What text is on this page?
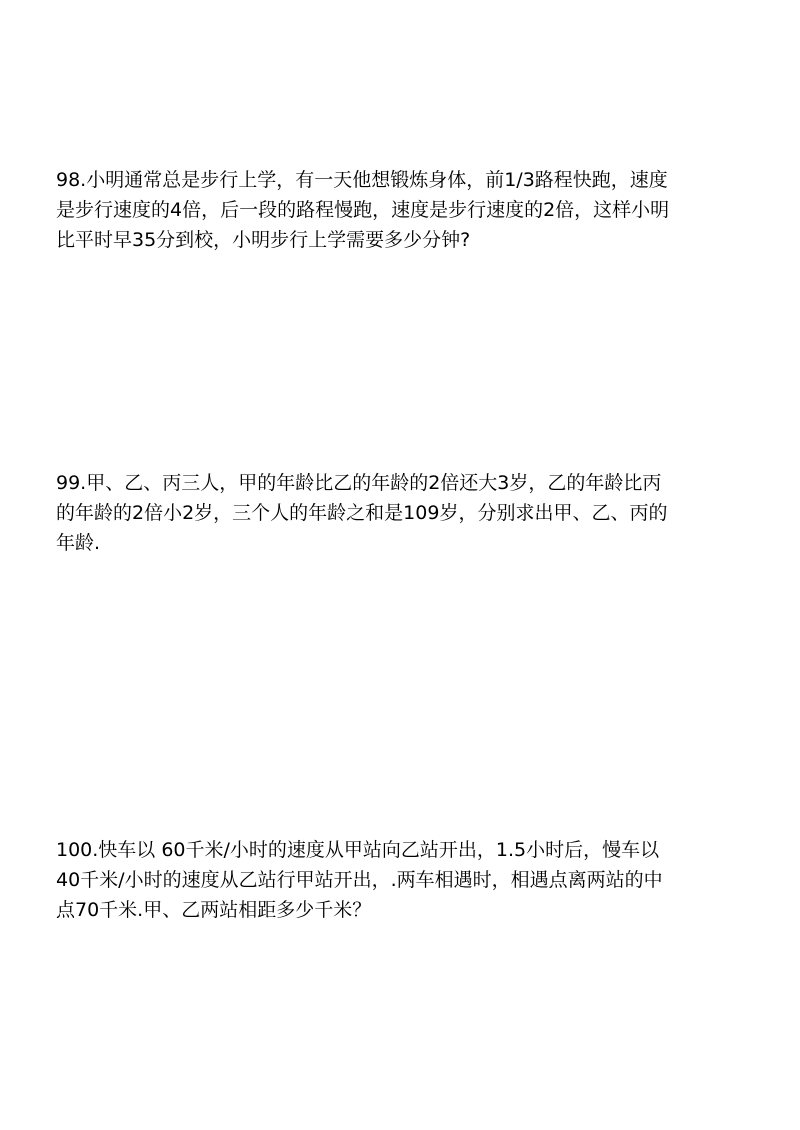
98.小明通常总是步行上学，有一天他想锻炼身体，前1/3路程快跑，速度
是步行速度的4倍，后一段的路程慢跑，速度是步行速度的2倍，这样小明
比平时早35分到校，小明步行上学需要多少分钟?
99.甲、乙、丙三人，甲的年龄比乙的年龄的2倍还大3岁，乙的年龄比丙
的年龄的2倍小2岁，三个人的年龄之和是109岁，分别求出甲、乙、丙的
年龄.
100.快车以 60千米/小时的速度从甲站向乙站开出，1.5小时后，慢车以
40千米/小时的速度从乙站行甲站开出，.两车相遇时，相遇点离两站的中
点70千米.甲、乙两站相距多少千米？
